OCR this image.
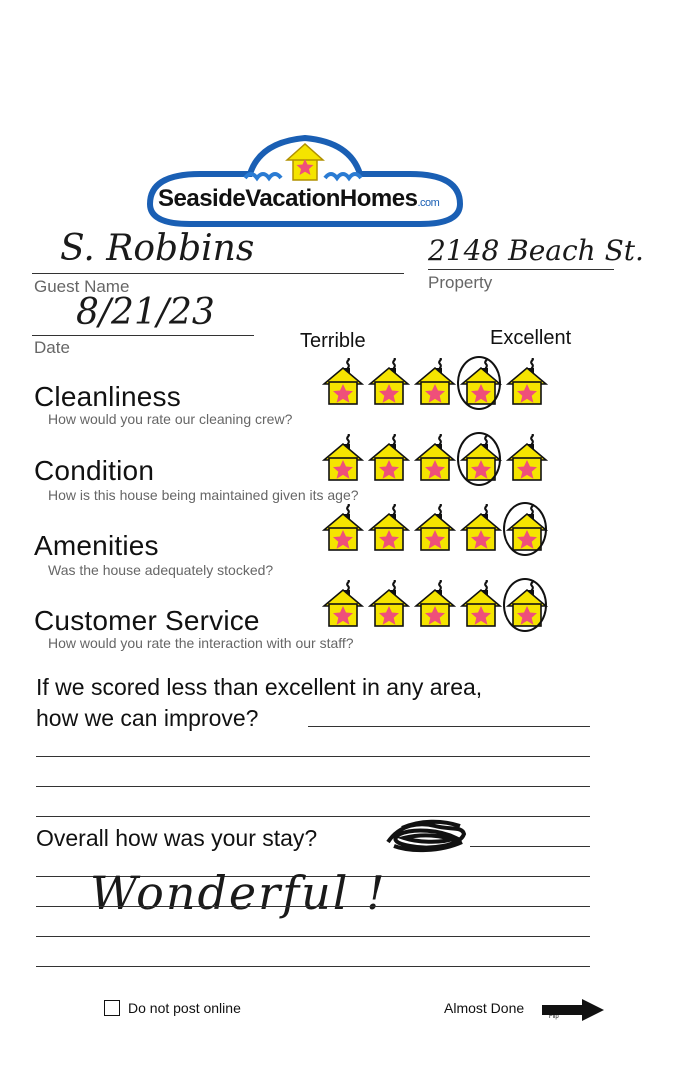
SeasideVacationHomes.com
S. Robbins
Guest Name
2148 Beach St.
Property
8/21/23
Date	Terrible	Excellent
Cleanliness
How would you rate our cleaning crew?
Condition
How is this house being maintained given its age?
Amenities
Was the house adequately stocked?
Customer Service
How would you rate the interaction with our staff?
If we scored less than excellent in any area,
how we can improve?
Overall how was your stay?
Wonderful !
Do not post online	Almost Done
Flip
